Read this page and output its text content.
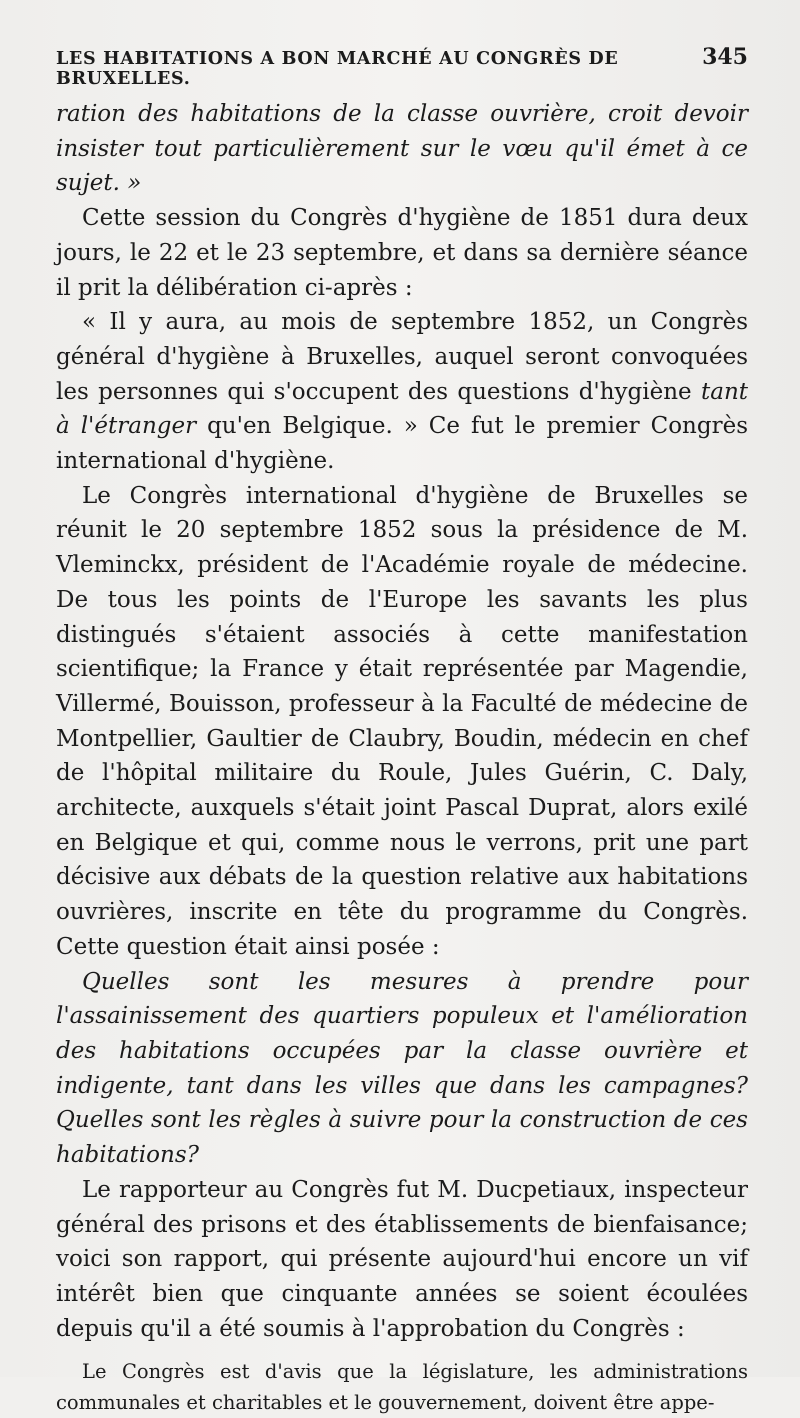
LES HABITATIONS A BON MARCHÉ AU CONGRÈS DE BRUXELLES.
345

ration des habitations de la classe ouvrière, croit devoir insister tout particulièrement sur le vœu qu'il émet à ce sujet. »

Cette session du Congrès d'hygiène de 1851 dura deux jours, le 22 et le 23 septembre, et dans sa dernière séance il prit la délibération ci-après :

« Il y aura, au mois de septembre 1852, un Congrès général d'hygiène à Bruxelles, auquel seront convoquées les personnes qui s'occupent des questions d'hygiène tant à l'étranger qu'en Belgique. » Ce fut le premier Congrès international d'hygiène.

Le Congrès international d'hygiène de Bruxelles se réunit le 20 septembre 1852 sous la présidence de M. Vleminckx, président de l'Académie royale de médecine. De tous les points de l'Europe les savants les plus distingués s'étaient associés à cette manifestation scientifique; la France y était représentée par Magendie, Villermé, Bouisson, professeur à la Faculté de médecine de Montpellier, Gaultier de Claubry, Boudin, médecin en chef de l'hôpital militaire du Roule, Jules Guérin, C. Daly, architecte, auxquels s'était joint Pascal Duprat, alors exilé en Belgique et qui, comme nous le verrons, prit une part décisive aux débats de la question relative aux habitations ouvrières, inscrite en tête du programme du Congrès. Cette question était ainsi posée :

Quelles sont les mesures à prendre pour l'assainissement des quartiers populeux et l'amélioration des habitations occupées par la classe ouvrière et indigente, tant dans les villes que dans les campagnes? Quelles sont les règles à suivre pour la construction de ces habitations?

Le rapporteur au Congrès fut M. Ducpetiaux, inspecteur général des prisons et des établissements de bienfaisance; voici son rapport, qui présente aujourd'hui encore un vif intérêt bien que cinquante années se soient écoulées depuis qu'il a été soumis à l'approbation du Congrès :

Le Congrès est d'avis que la législature, les administrations communales et charitables et le gouvernement, doivent être appe-
